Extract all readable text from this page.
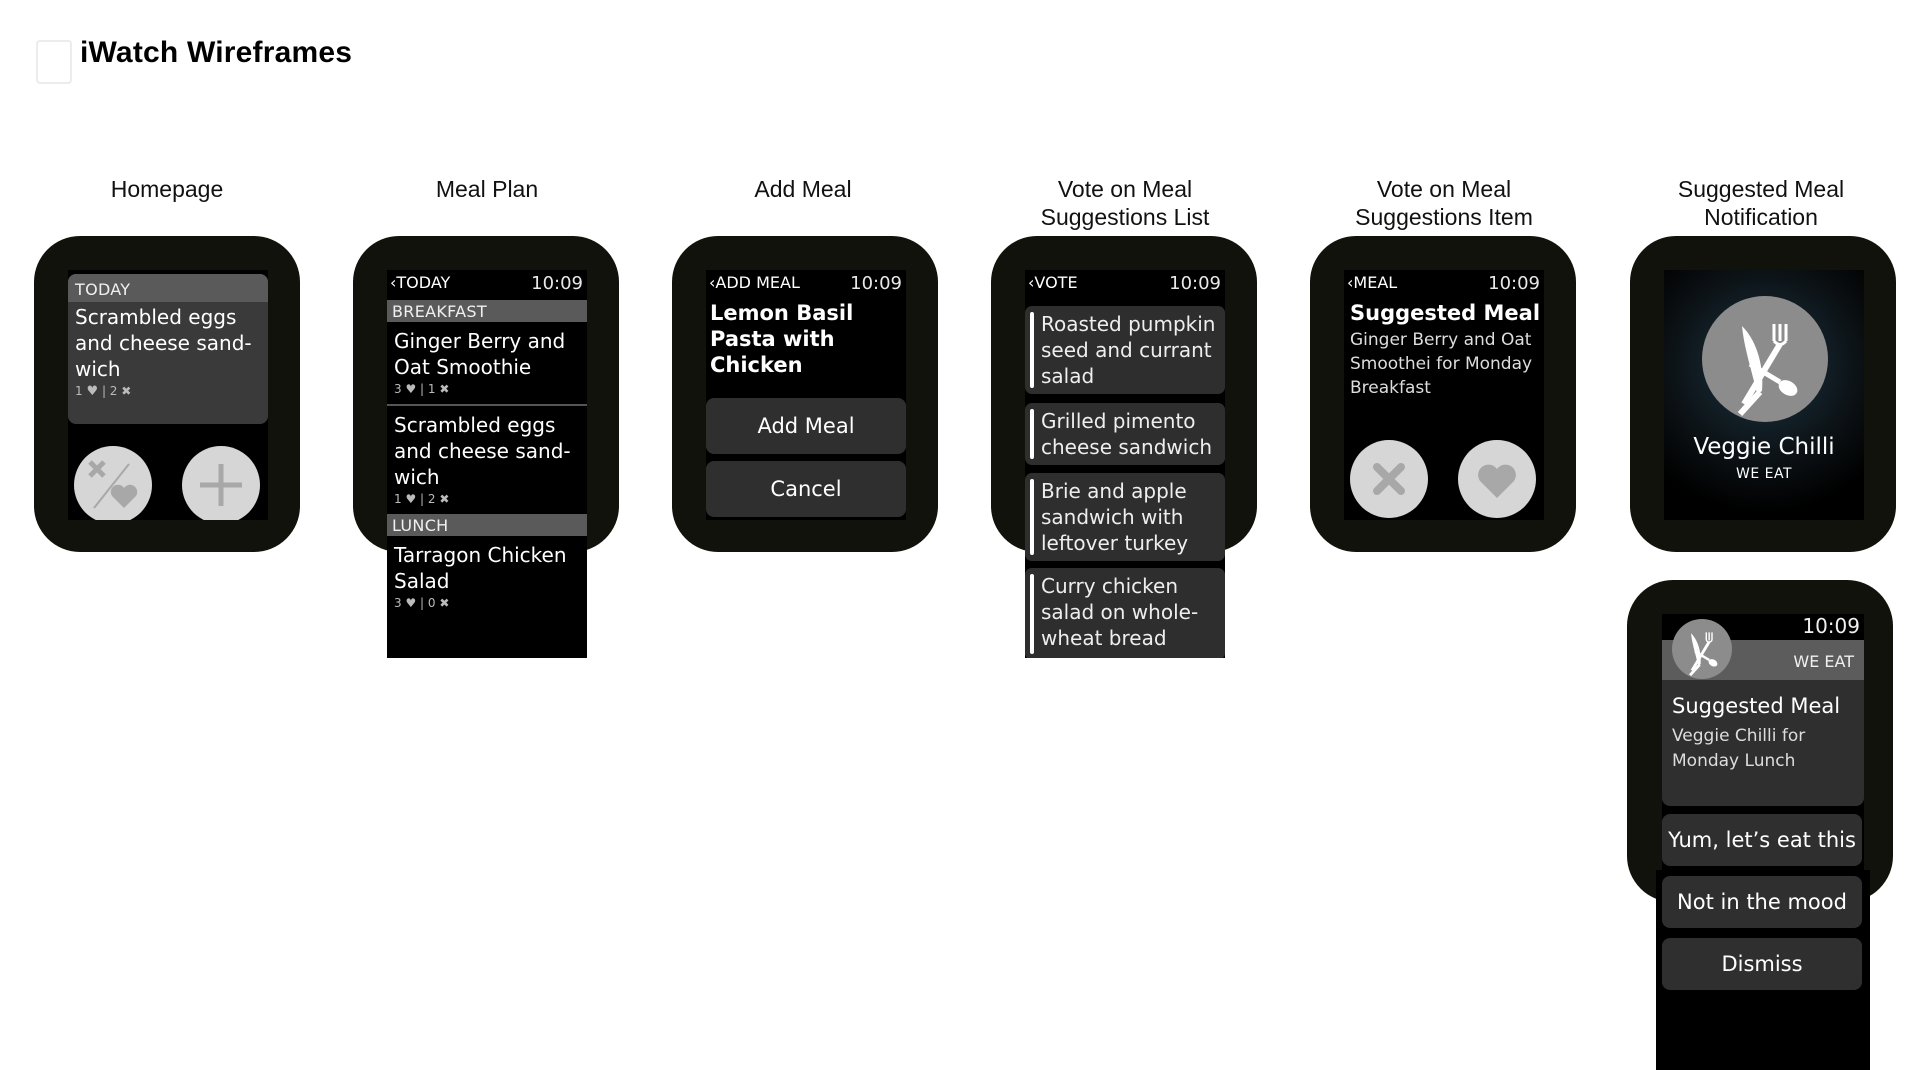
iWatch Wireframes
Homepage	Meal Plan	Add Meal	Vote on Meal
Suggestions List
Vote on Meal
Suggestions Item
Suggested Meal
Notification
TODAY
Scrambled eggs and cheese sand-wich
1 ♥ | 2 ✖
‹TODAY	10:09
BREAKFAST
Ginger Berry and Oat Smoothie
3 ♥ | 1 ✖
Scrambled eggs and cheese sand-wich
1 ♥ | 2 ✖
LUNCH
Tarragon Chicken Salad
3 ♥ | 0 ✖
‹ADD MEAL	10:09
Lemon Basil Pasta with Chicken
Add Meal
Cancel
‹VOTE	10:09
Roasted pumpkin seed and currant salad
Grilled pimento cheese sandwich
Brie and apple sandwich with leftover turkey
Curry chicken salad on whole-wheat bread
‹MEAL	10:09
Suggested Meal
Ginger Berry and Oat Smoothei for Monday Breakfast
Veggie Chilli
WE EAT
10:09
WE EAT
Suggested Meal
Veggie Chilli for Monday Lunch
Yum, let’s eat this
Not in the mood
Dismiss
